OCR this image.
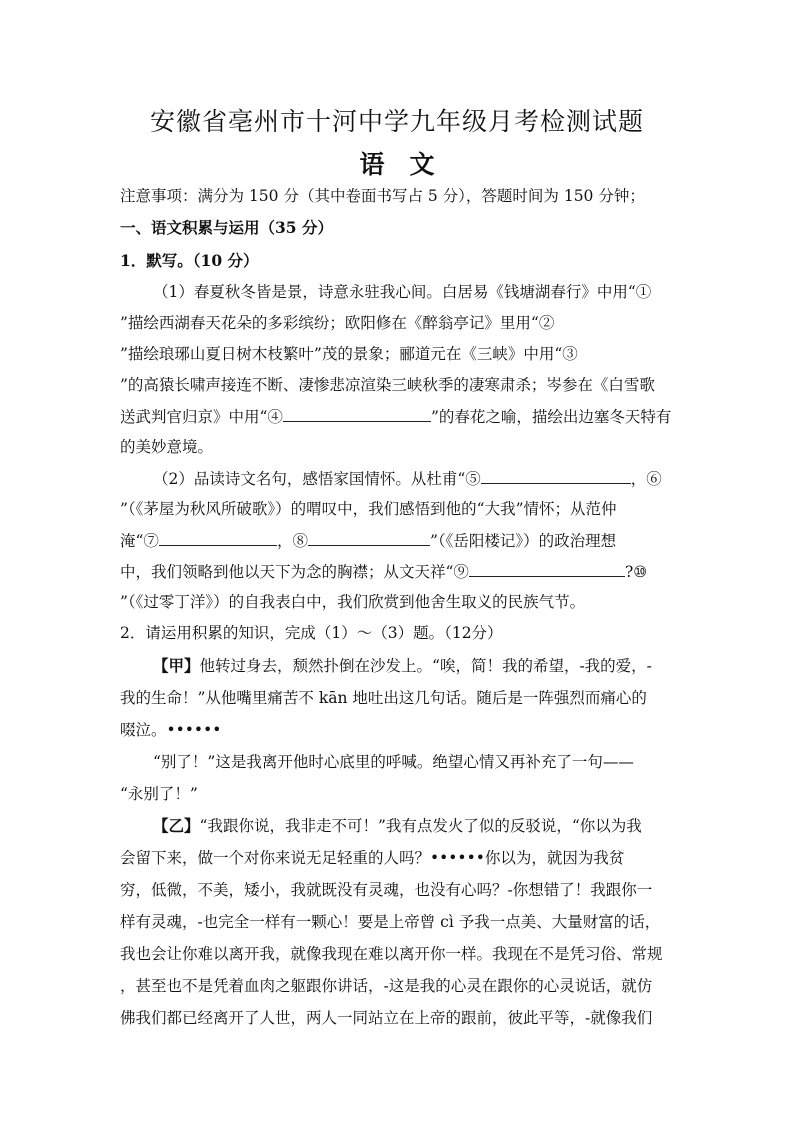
安徽省亳州市十河中学九年级月考检测试题
语　文
注意事项：满分为 150 分（其中卷面书写占 5 分），答题时间为 150 分钟；
一、语文积累与运用（35 分）
1．默写。（10 分）
（1）春夏秋冬皆是景，诗意永驻我心间。白居易《钱塘湖春行》中用“①
”描绘西湖春天花朵的多彩缤纷；欧阳修在《醉翁亭记》里用“②
”描绘琅琊山夏日树木枝繁叶”茂的景象；郦道元在《三峡》中用“③
”的高猿长啸声接连不断、凄惨悲凉渲染三峡秋季的凄寒肃杀；岑参在《白雪歌
送武判官归京》中用“④	”的春花之喻，描绘出边塞冬天特有
的美妙意境。
（2）品读诗文名句，感悟家国情怀。从杜甫“⑤	，⑥
”（《茅屋为秋风所破歌》）的喟叹中，我们感悟到他的“大我”情怀；从范仲
淹“⑦	，⑧	”（《岳阳楼记》）的政治理想
中，我们领略到他以天下为念的胸襟；从文天祥“⑨	?⑩
”（《过零丁洋》）的自我表白中，我们欣赏到他舍生取义的民族气节。
2．请运用积累的知识，完成（1）～（3）题。（12分）
【甲】他转过身去，颓然扑倒在沙发上。“唉，简！我的希望，-我的爱，-
我的生命！”从他嘴里痛苦不 kān 地吐出这几句话。随后是一阵强烈而痛心的
啜泣。••••••
“别了！”这是我离开他时心底里的呼喊。绝望心情又再补充了一句——
“永别了！”
【乙】“我跟你说，我非走不可！”我有点发火了似的反驳说，“你以为我
会留下来，做一个对你来说无足轻重的人吗？••••••你以为，就因为我贫
穷，低微，不美，矮小，我就既没有灵魂，也没有心吗？-你想错了！我跟你一
样有灵魂，-也完全一样有一颗心！要是上帝曾 cì 予我一点美、大量财富的话，
我也会让你难以离开我，就像我现在难以离开你一样。我现在不是凭习俗、常规
，甚至也不是凭着血肉之躯跟你讲话，-这是我的心灵在跟你的心灵说话，就仿
佛我们都已经离开了人世，两人一同站立在上帝的跟前，彼此平等，-就像我们
